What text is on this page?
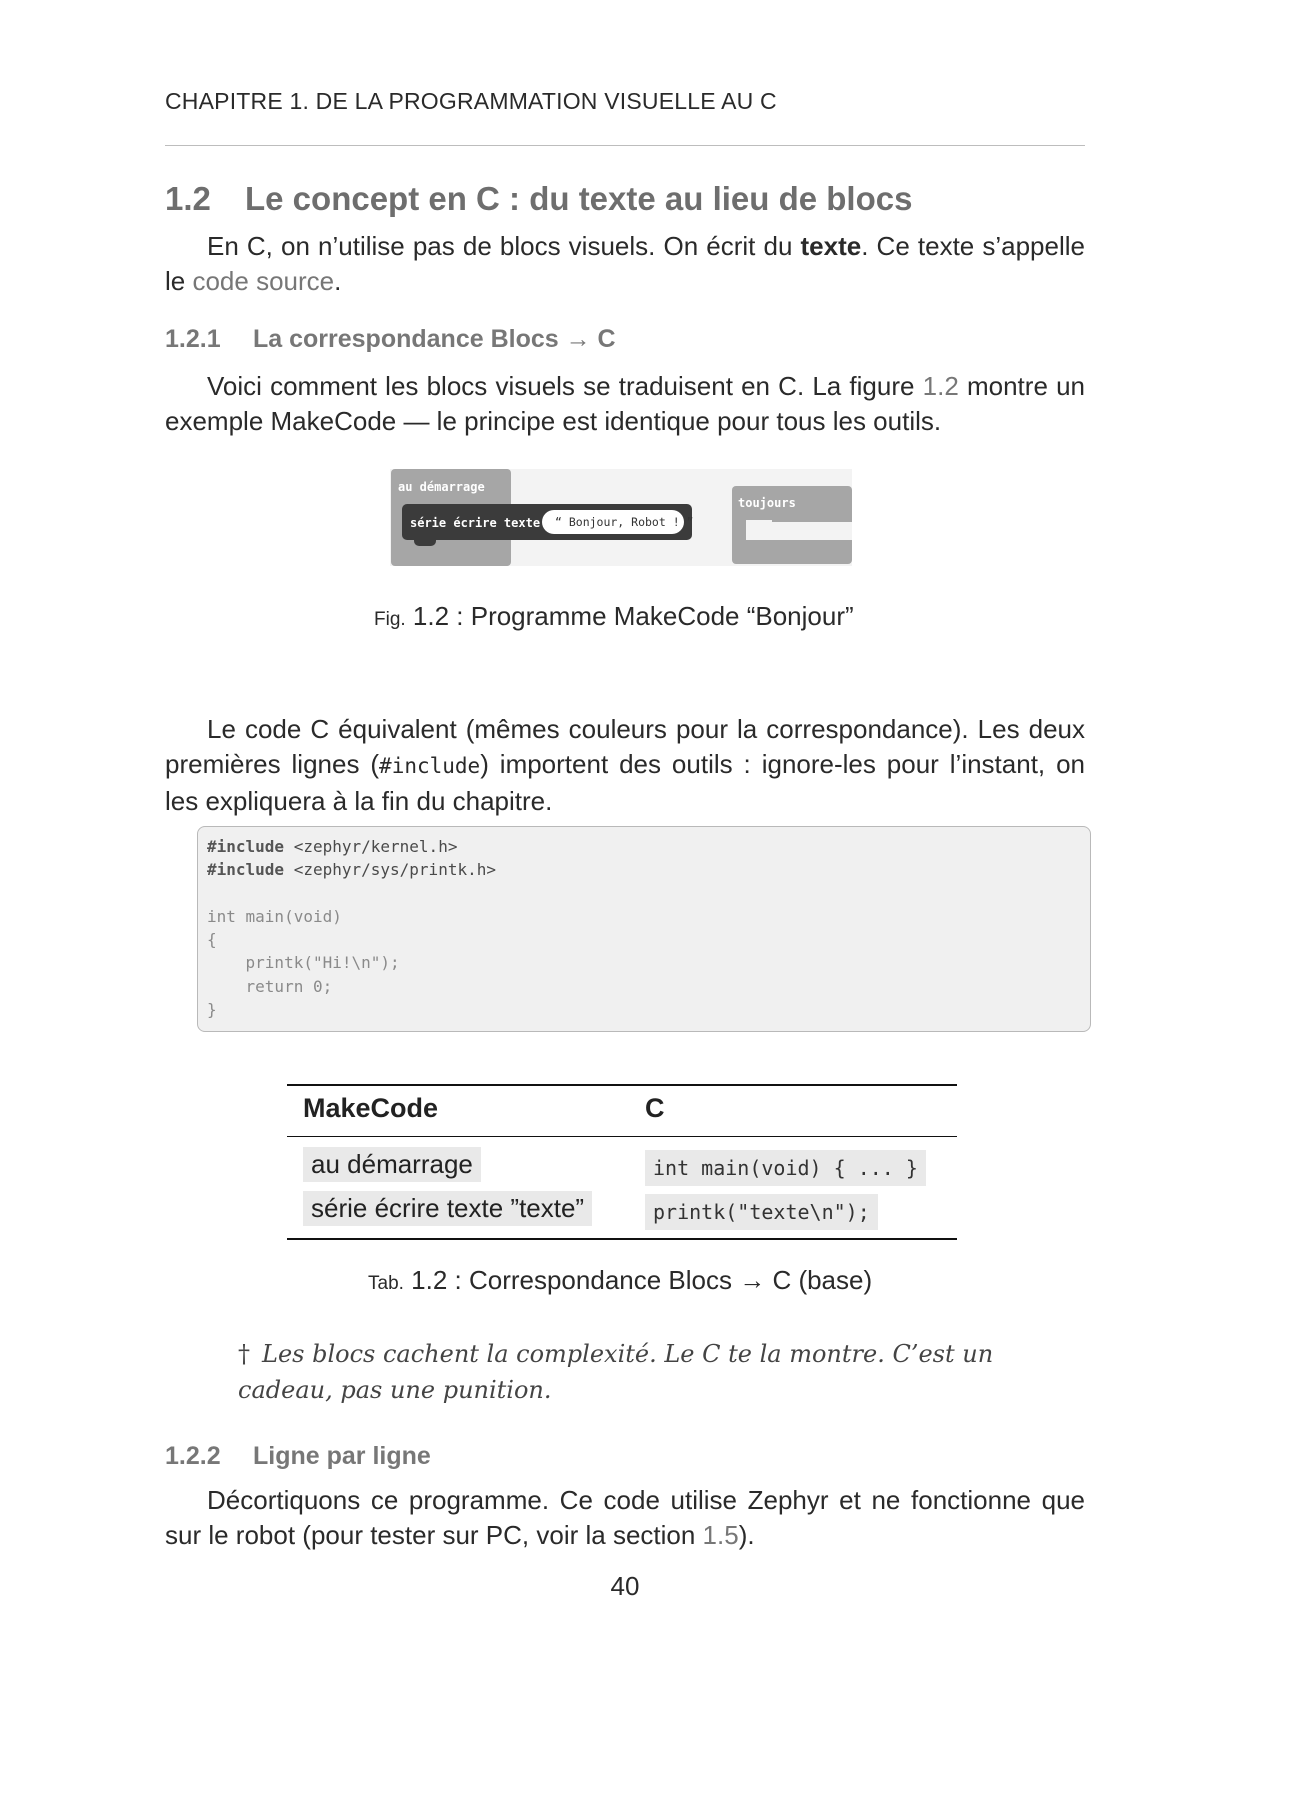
CHAPITRE 1. DE LA PROGRAMMATION VISUELLE AU C
1.2 Le concept en C : du texte au lieu de blocs
En C, on n’utilise pas de blocs visuels. On écrit du texte. Ce texte s’appelle le code source.
1.2.1 La correspondance Blocs → C
Voici comment les blocs visuels se traduisent en C. La figure 1.2 montre un exemple MakeCode — le principe est identique pour tous les outils.
au démarrage
série écrire texte “ Bonjour, Robot ! ”
toujours
Fig. 1.2 : Programme MakeCode “Bonjour”
Le code C équivalent (mêmes couleurs pour la correspondance). Les deux premières lignes (#include) importent des outils : ignore-les pour l’instant, on les expliquera à la fin du chapitre.
#include <zephyr/kernel.h>
#include <zephyr/sys/printk.h>

int main(void)
{
printk("Hi!\n");
return 0;
}
MakeCode	C
au démarrage	int main(void) { ... }
série écrire texte ”texte”	printk("texte\n");
Tab. 1.2 : Correspondance Blocs → C (base)
† Les blocs cachent la complexité. Le C te la montre. C’est un cadeau, pas une punition.
1.2.2 Ligne par ligne
Décortiquons ce programme. Ce code utilise Zephyr et ne fonctionne que sur le robot (pour tester sur PC, voir la section 1.5).
40
